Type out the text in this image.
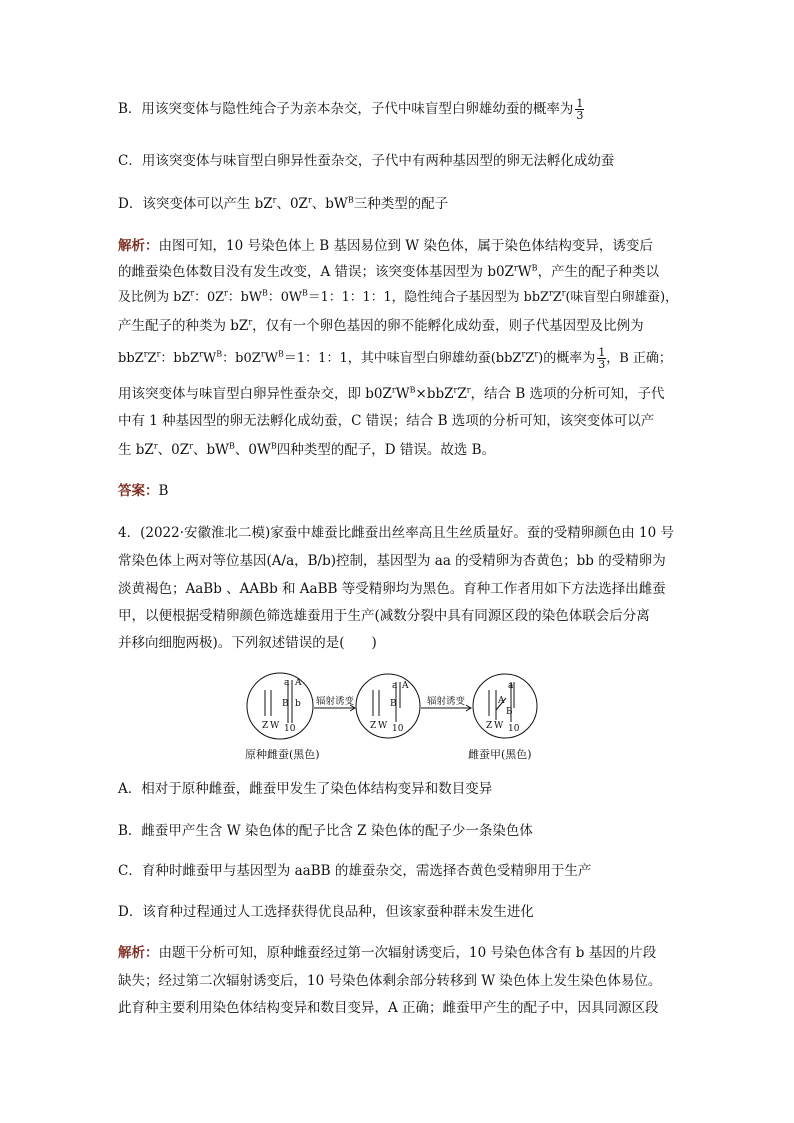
B．用该突变体与隐性纯合子为亲本杂交，子代中味盲型白卵雄幼蚕的概率为 $\frac{1}{3}$
C．用该突变体与味盲型白卵异性蚕杂交，子代中有两种基因型的卵无法孵化成幼蚕
D．该突变体可以产生 $bZ^r$、$0Z^r$、$bW^B$三种类型的配子
解析：由图可知，10 号染色体上 B 基因易位到 W 染色体，属于染色体结构变异，诱变后
的雌蚕染色体数目没有发生改变，A 错误；该突变体基因型为 $b0Z^rW^B$，产生的配子种类以
及比例为 $bZ^r$：$0Z^r$：$bW^B$：$0W^B=1$：1：1：1，隐性纯合子基因型为 $bbZ^rZ^r$(味盲型白卵雄蚕)，
产生配子的种类为 $bZ^r$，仅有一个卵色基因的卵不能孵化成幼蚕，则子代基因型及比例为
$bbZ^rZ^r$：$bbZ^rW^B$：$b0Z^rW^B=1$：1：1，其中味盲型白卵雄幼蚕$(bbZ^rZ^r)$的概率为 $\frac{1}{3}$ ，B 正确；
用该突变体与味盲型白卵异性蚕杂交，即 $b0Z^rW^B\times bbZ^rZ^r$，结合 B 选项的分析可知，子代
中有 1 种基因型的卵无法孵化成幼蚕，C 错误；结合 B 选项的分析可知，该突变体可以产
生 $bZ^r$、$0Z^r$、$bW^B$、$0W^B$四种类型的配子，D 错误。故选 B。
答案：B
4．(2022·安徽淮北二模)家蚕中雄蚕比雌蚕出丝率高且生丝质量好。蚕的受精卵颜色由 10 号
常染色体上两对等位基因(A/a，B/b)控制，基因型为 aa 的受精卵为杏黄色；bb 的受精卵为
淡黄褐色；AaBb 、AABb 和 AaBB 等受精卵均为黑色。育种工作者用如下方法选择出雌蚕
甲，以便根据受精卵颜色筛选雄蚕用于生产(减数分裂中具有同源区段的染色体联会后分离
并移向细胞两极)。下列叙述错误的是(　　)
a A
B b
Z W 10
a A
B
Z W 10
a
A
B
Z W 10
辐射诱变	辐射诱变
原种雌蚕(黑色)	雌蚕甲(黑色)
A．相对于原种雌蚕，雌蚕甲发生了染色体结构变异和数目变异
B．雌蚕甲产生含 W 染色体的配子比含 Z 染色体的配子少一条染色体
C．育种时雌蚕甲与基因型为 aaBB 的雄蚕杂交，需选择杏黄色受精卵用于生产
D．该育种过程通过人工选择获得优良品种，但该家蚕种群未发生进化
解析：由题干分析可知，原种雌蚕经过第一次辐射诱变后，10 号染色体含有 b 基因的片段
缺失；经过第二次辐射诱变后，10 号染色体剩余部分转移到 W 染色体上发生染色体易位。
此育种主要利用染色体结构变异和数目变异，A 正确；雌蚕甲产生的配子中，因具同源区段
